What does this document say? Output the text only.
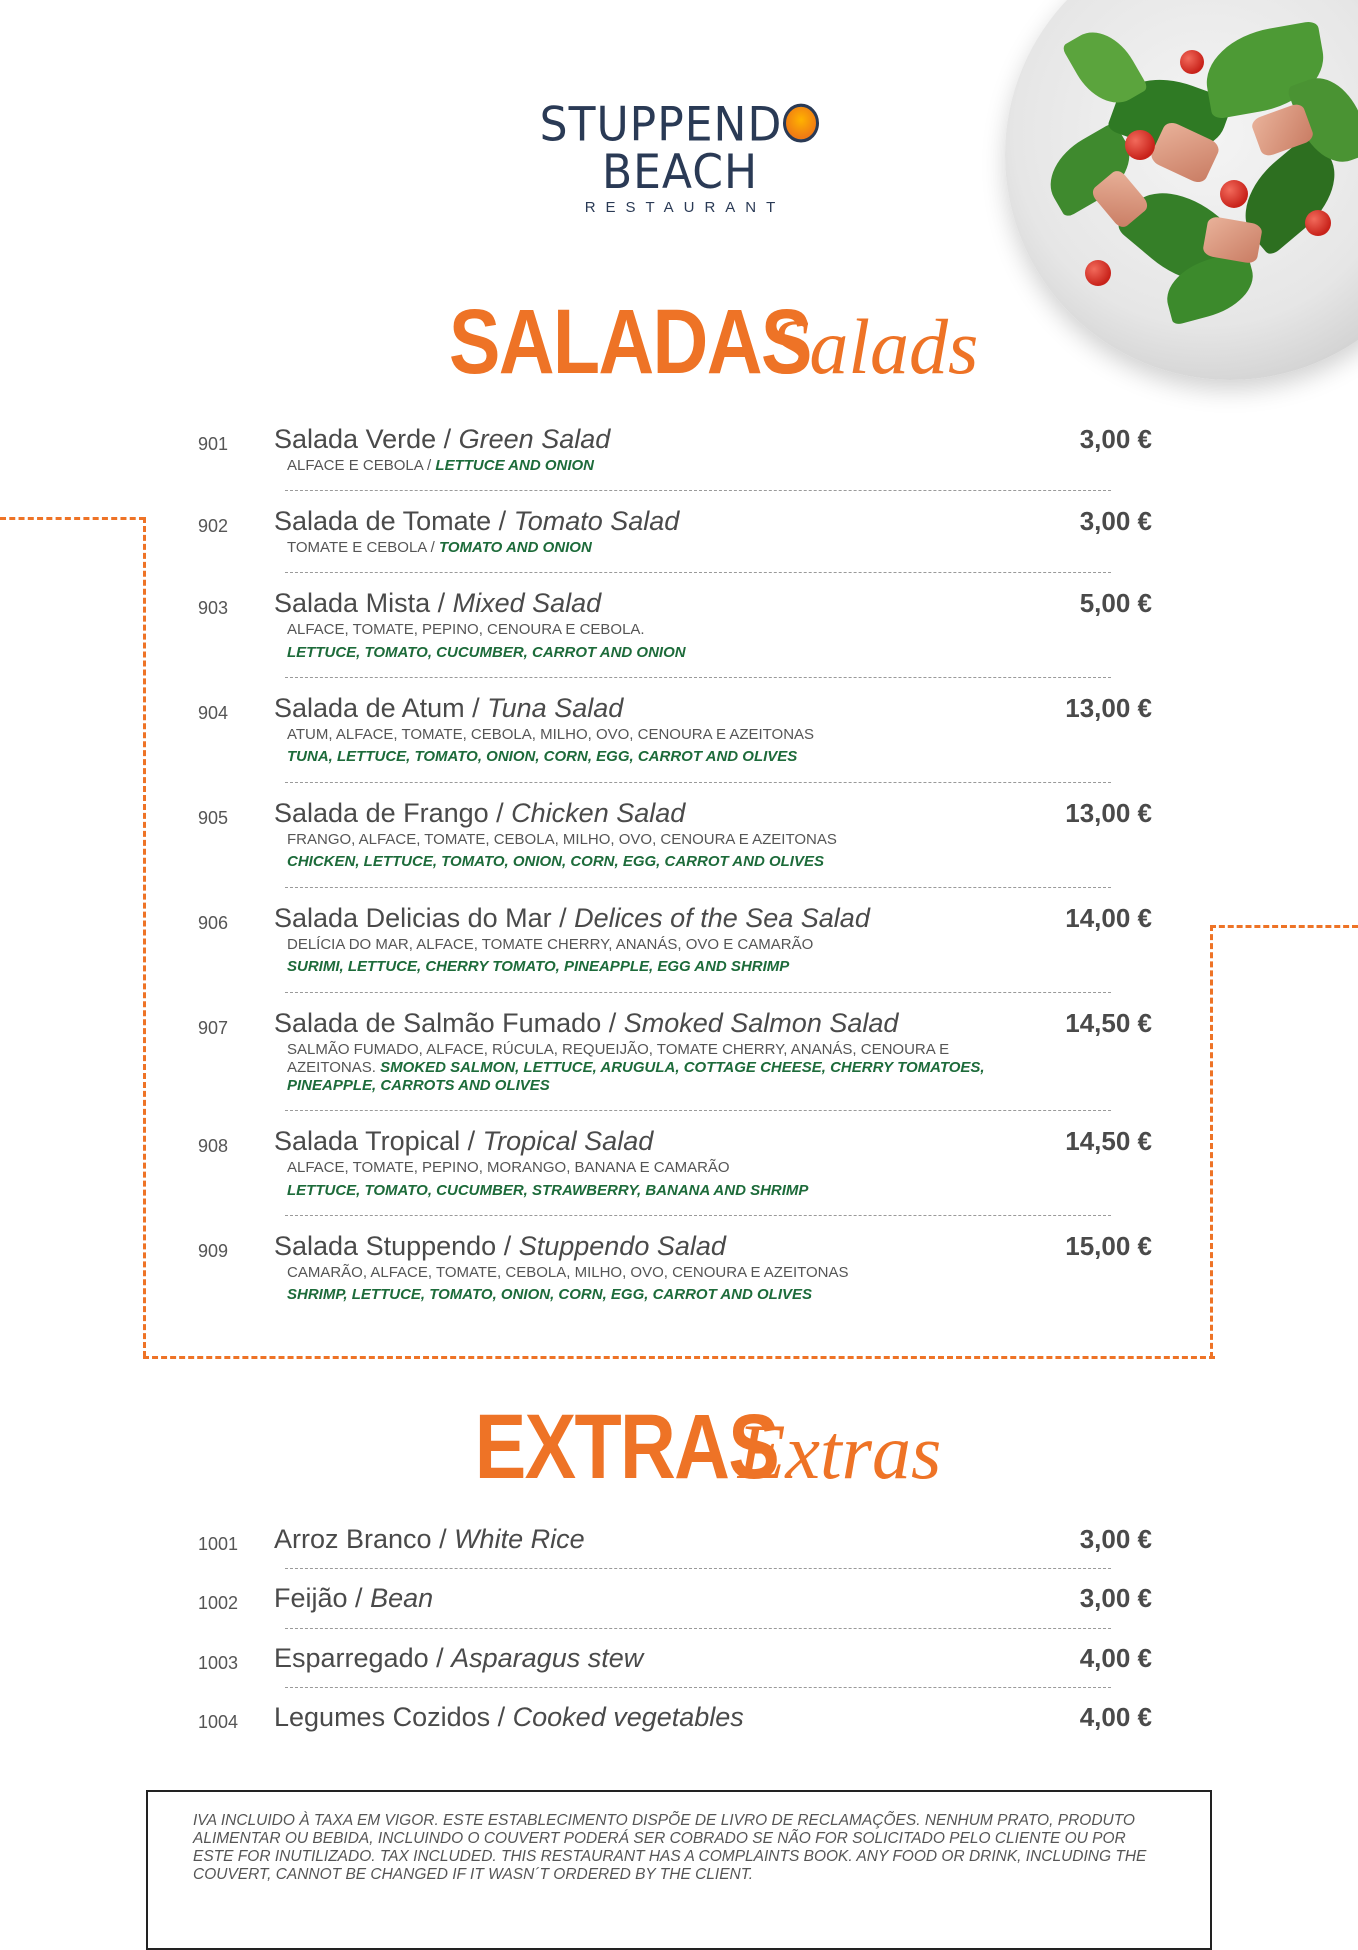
STUPPENDBEACH
RESTAURANT
SALADASSalads
901 Salada Verde / Green Salad	3,00 €
ALFACE E CEBOLA / LETTUCE AND ONION
902 Salada de Tomate / Tomato Salad	3,00 €
TOMATE E CEBOLA / TOMATO AND ONION
903 Salada Mista / Mixed Salad	5,00 €
ALFACE, TOMATE, PEPINO, CENOURA E CEBOLA.
LETTUCE, TOMATO, CUCUMBER, CARROT AND ONION
904 Salada de Atum / Tuna Salad	13,00 €
ATUM, ALFACE, TOMATE, CEBOLA, MILHO, OVO, CENOURA E AZEITONAS
TUNA, LETTUCE, TOMATO, ONION, CORN, EGG, CARROT AND OLIVES
905 Salada de Frango / Chicken Salad	13,00 €
FRANGO, ALFACE, TOMATE, CEBOLA, MILHO, OVO, CENOURA E AZEITONAS
CHICKEN, LETTUCE, TOMATO, ONION, CORN, EGG, CARROT AND OLIVES
906 Salada Delicias do Mar / Delices of the Sea Salad	14,00 €
DELÍCIA DO MAR, ALFACE, TOMATE CHERRY, ANANÁS, OVO E CAMARÃO
SURIMI, LETTUCE, CHERRY TOMATO, PINEAPPLE, EGG AND SHRIMP
907 Salada de Salmão Fumado / Smoked Salmon Salad	14,50 €
SALMÃO FUMADO, ALFACE, RÚCULA, REQUEIJÃO, TOMATE CHERRY, ANANÁS, CENOURA E AZEITONAS. SMOKED SALMON, LETTUCE, ARUGULA, COTTAGE CHEESE, CHERRY TOMATOES, PINEAPPLE, CARROTS AND OLIVES
908 Salada Tropical / Tropical Salad	14,50 €
ALFACE, TOMATE, PEPINO, MORANGO, BANANA E CAMARÃO
LETTUCE, TOMATO, CUCUMBER, STRAWBERRY, BANANA AND SHRIMP
909 Salada Stuppendo / Stuppendo Salad	15,00 €
CAMARÃO, ALFACE, TOMATE, CEBOLA, MILHO, OVO, CENOURA E AZEITONAS
SHRIMP, LETTUCE, TOMATO, ONION, CORN, EGG, CARROT AND OLIVES
EXTRASExtras
1001 Arroz Branco / White Rice	3,00 €
1002 Feijão / Bean	3,00 €
1003 Esparregado / Asparagus stew	4,00 €
1004 Legumes Cozidos / Cooked vegetables	4,00 €
IVA INCLUIDO À TAXA EM VIGOR. ESTE ESTABLECIMENTO DISPÕE DE LIVRO DE RECLAMAÇÕES. NENHUM PRATO, PRODUTO ALIMENTAR OU BEBIDA, INCLUINDO O COUVERT PODERÁ SER COBRADO SE NÃO FOR SOLICITADO PELO CLIENTE OU POR ESTE FOR INUTILIZADO. TAX INCLUDED. THIS RESTAURANT HAS A COMPLAINTS BOOK. ANY FOOD OR DRINK, INCLUDING THE COUVERT, CANNOT BE CHANGED IF IT WASN´T ORDERED BY THE CLIENT.
